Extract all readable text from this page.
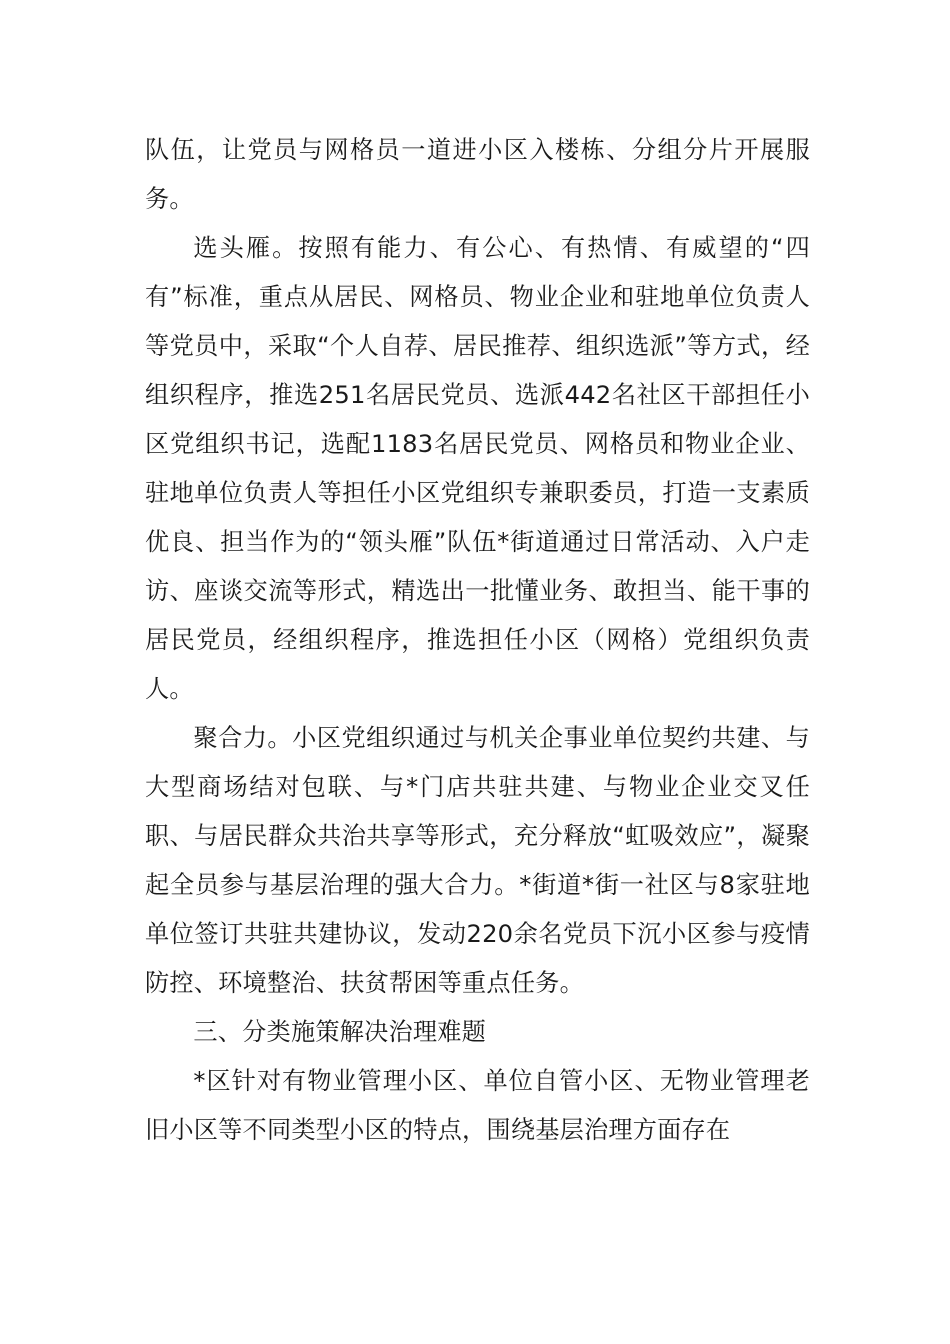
队伍，让党员与网格员一道进小区入楼栋、分组分片开展服务。

选头雁。按照有能力、有公心、有热情、有威望的“四有”标准，重点从居民、网格员、物业企业和驻地单位负责人等党员中，采取“个人自荐、居民推荐、组织选派”等方式，经组织程序，推选251名居民党员、选派442名社区干部担任小区党组织书记，选配1183名居民党员、网格员和物业企业、驻地单位负责人等担任小区党组织专兼职委员，打造一支素质优良、担当作为的“领头雁”队伍*街道通过日常活动、入户走访、座谈交流等形式，精选出一批懂业务、敢担当、能干事的居民党员，经组织程序，推选担任小区（网格）党组织负责人。

聚合力。小区党组织通过与机关企事业单位契约共建、与大型商场结对包联、与*门店共驻共建、与物业企业交叉任职、与居民群众共治共享等形式，充分释放“虹吸效应”，凝聚起全员参与基层治理的强大合力。*街道*街一社区与8家驻地单位签订共驻共建协议，发动220余名党员下沉小区参与疫情防控、环境整治、扶贫帮困等重点任务。

三、分类施策解决治理难题

*区针对有物业管理小区、单位自管小区、无物业管理老旧小区等不同类型小区的特点，围绕基层治理方面存在
